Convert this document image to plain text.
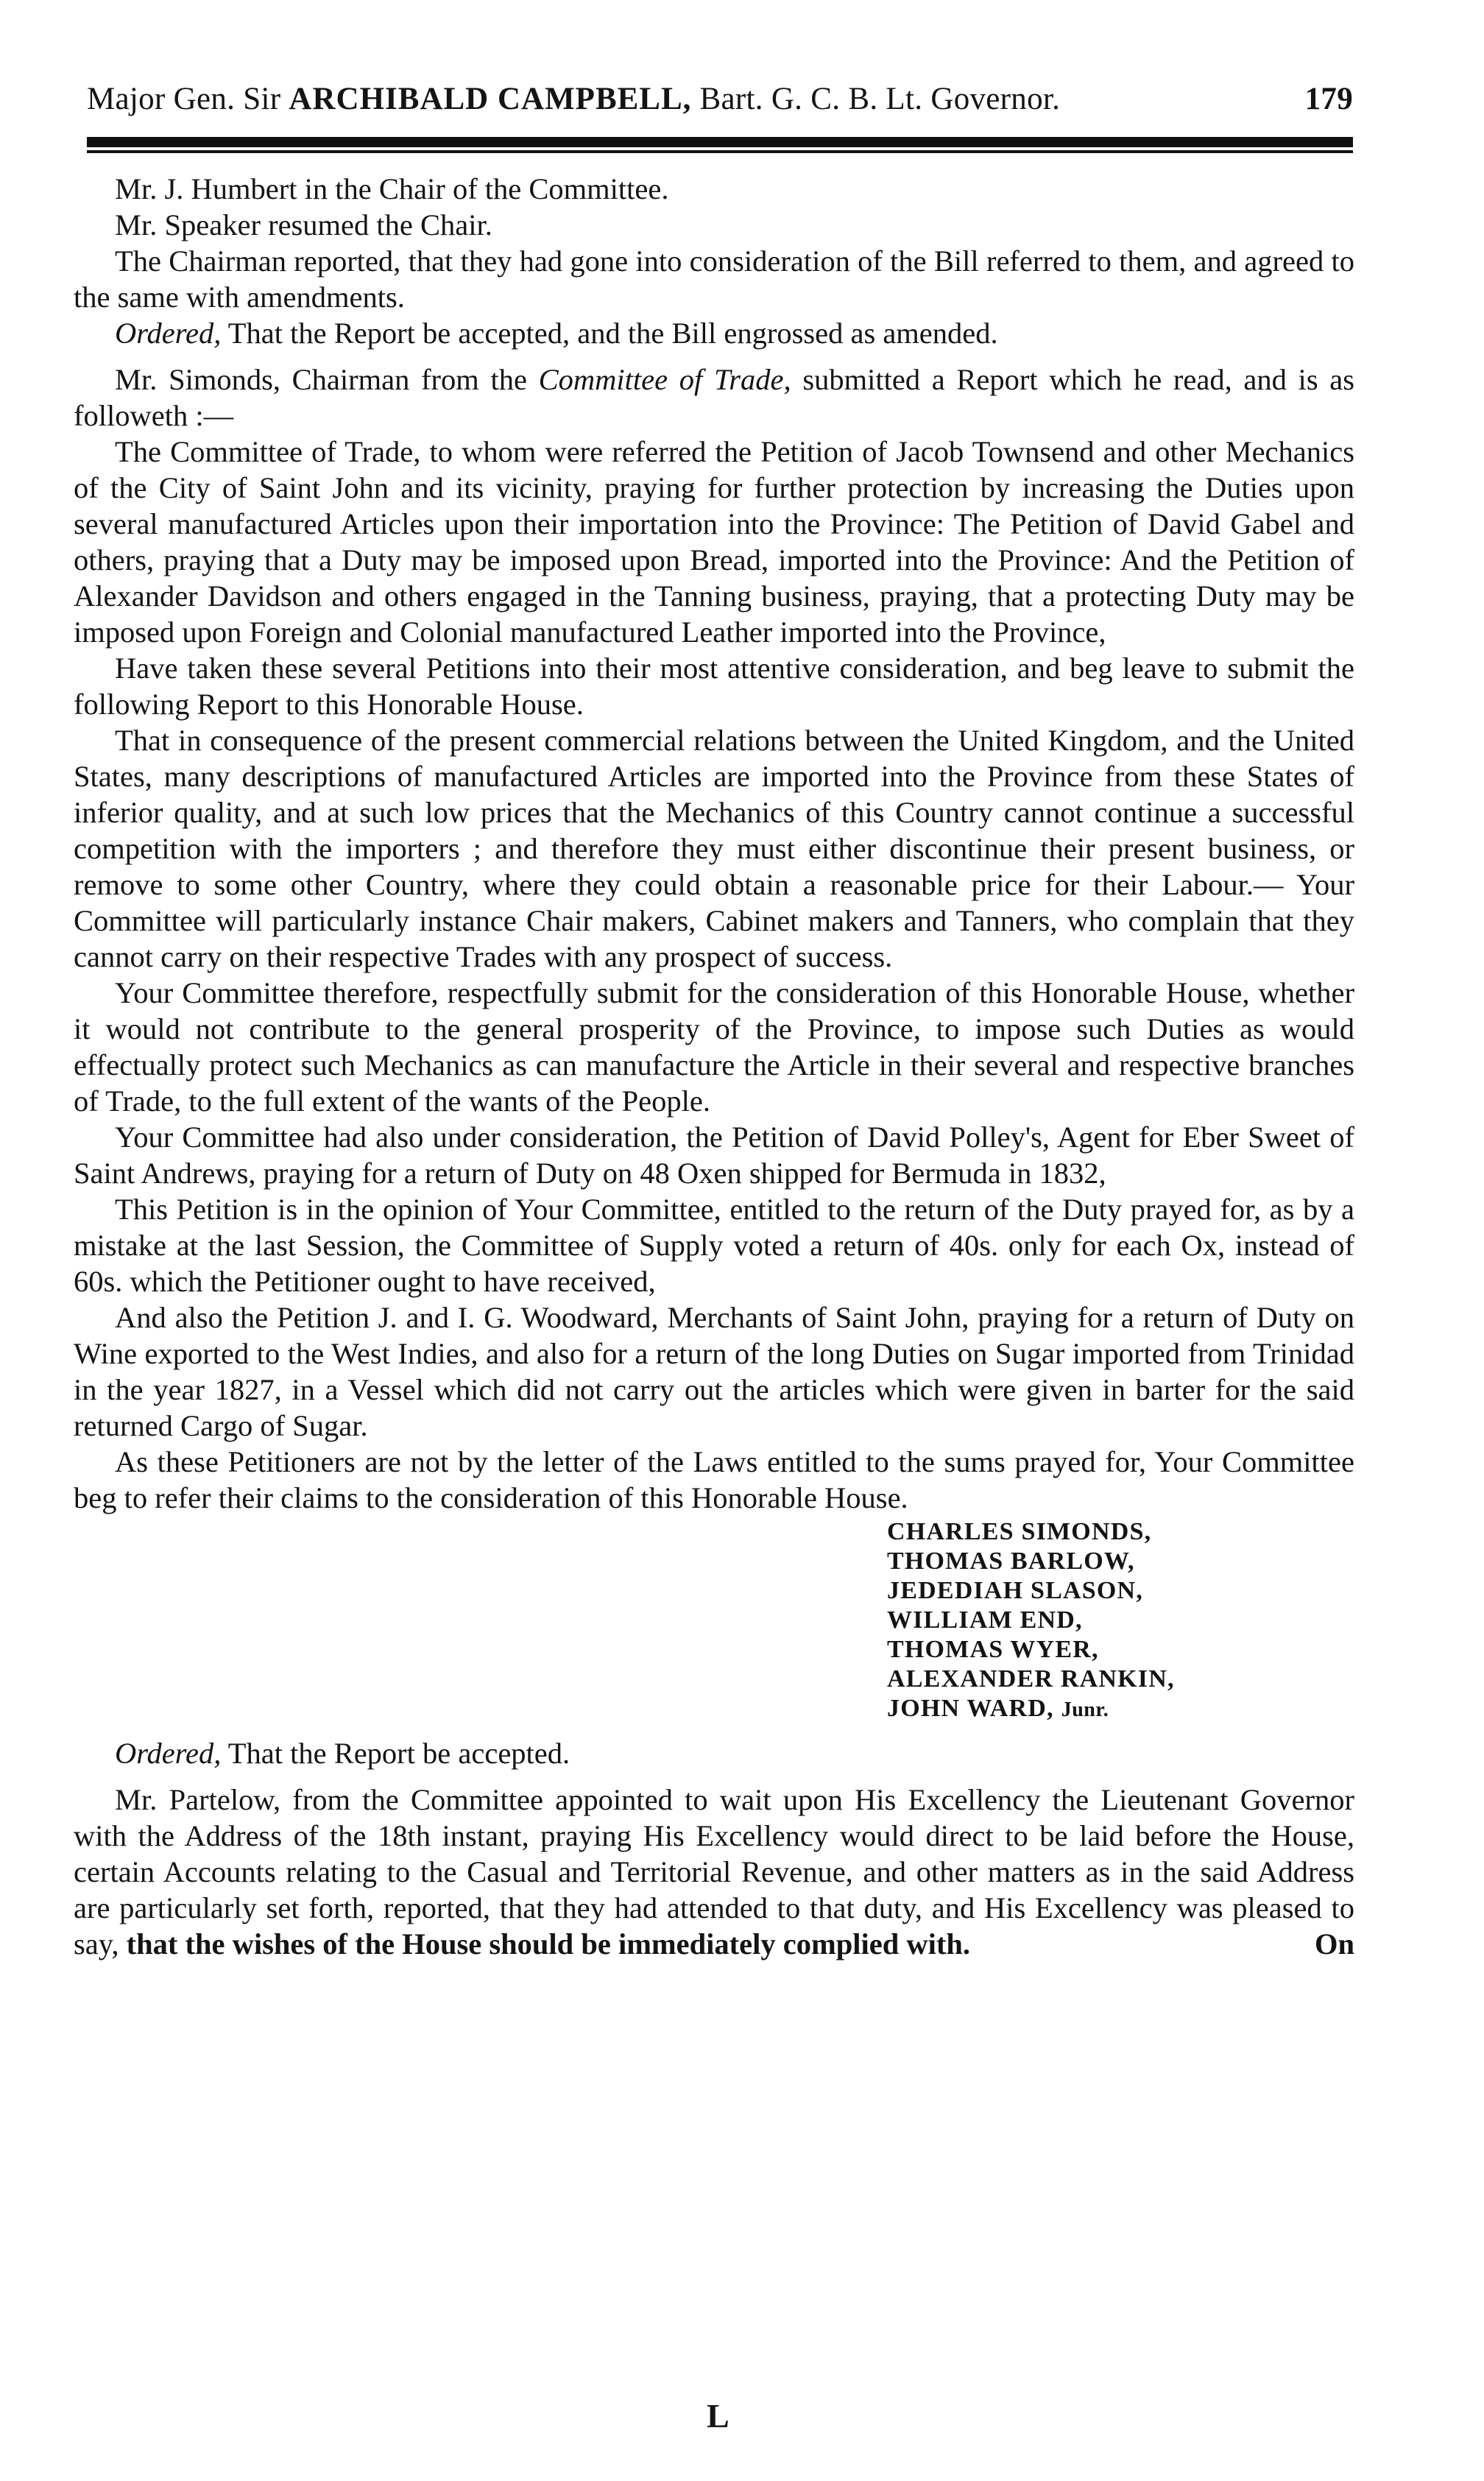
Major Gen. Sir ARCHIBALD CAMPBELL, Bart. G. C. B. Lt. Governor.	179

Mr. J. Humbert in the Chair of the Committee.

Mr. Speaker resumed the Chair.

The Chairman reported, that they had gone into consideration of the Bill referred to them, and agreed to the same with amendments.

Ordered, That the Report be accepted, and the Bill engrossed as amended.

Mr. Simonds, Chairman from the Committee of Trade, submitted a Report which he read, and is as followeth :—

The Committee of Trade, to whom were referred the Petition of Jacob Townsend and other Mechanics of the City of Saint John and its vicinity, praying for further protection by increasing the Duties upon several manufactured Articles upon their importation into the Province: The Petition of David Gabel and others, praying that a Duty may be imposed upon Bread, imported into the Province: And the Petition of Alexander Davidson and others engaged in the Tanning business, praying, that a protecting Duty may be imposed upon Foreign and Colonial manufactured Leather imported into the Province,

Have taken these several Petitions into their most attentive consideration, and beg leave to submit the following Report to this Honorable House.

That in consequence of the present commercial relations between the United Kingdom, and the United States, many descriptions of manufactured Articles are imported into the Province from these States of inferior quality, and at such low prices that the Mechanics of this Country cannot continue a successful competition with the importers ; and therefore they must either discontinue their present business, or remove to some other Country, where they could obtain a reasonable price for their Labour.— Your Committee will particularly instance Chair makers, Cabinet makers and Tanners, who complain that they cannot carry on their respective Trades with any prospect of success.

Your Committee therefore, respectfully submit for the consideration of this Honorable House, whether it would not contribute to the general prosperity of the Province, to impose such Duties as would effectually protect such Mechanics as can manufacture the Article in their several and respective branches of Trade, to the full extent of the wants of the People.

Your Committee had also under consideration, the Petition of David Polley's, Agent for Eber Sweet of Saint Andrews, praying for a return of Duty on 48 Oxen shipped for Bermuda in 1832,

This Petition is in the opinion of Your Committee, entitled to the return of the Duty prayed for, as by a mistake at the last Session, the Committee of Supply voted a return of 40s. only for each Ox, instead of 60s. which the Petitioner ought to have received,

And also the Petition J. and I. G. Woodward, Merchants of Saint John, praying for a return of Duty on Wine exported to the West Indies, and also for a return of the long Duties on Sugar imported from Trinidad in the year 1827, in a Vessel which did not carry out the articles which were given in barter for the said returned Cargo of Sugar.

As these Petitioners are not by the letter of the Laws entitled to the sums prayed for, Your Committee beg to refer their claims to the consideration of this Honorable House.

CHARLES SIMONDS,
THOMAS BARLOW,
JEDEDIAH SLASON,
WILLIAM END,
THOMAS WYER,
ALEXANDER RANKIN,
JOHN WARD, Junr.

Ordered, That the Report be accepted.

Mr. Partelow, from the Committee appointed to wait upon His Excellency the Lieutenant Governor with the Address of the 18th instant, praying His Excellency would direct to be laid before the House, certain Accounts relating to the Casual and Territorial Revenue, and other matters as in the said Address are particularly set forth, reported, that they had attended to that duty, and His Excellency was pleased to say, that the wishes of the House should be immediately complied with.	On

L
